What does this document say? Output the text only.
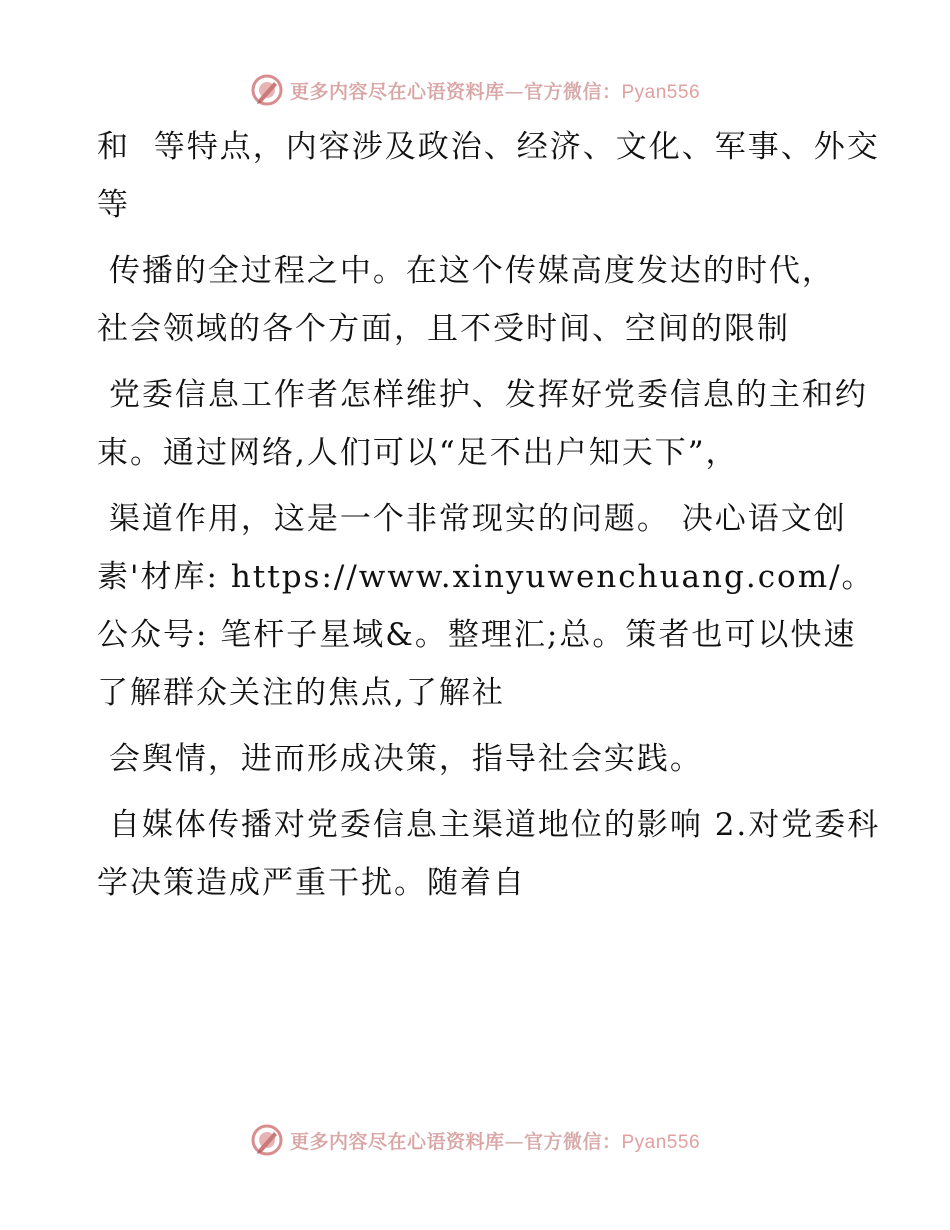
更多内容尽在心语资料库—官方微信：Pyan556

和  等特点，内容涉及政治、经济、文化、军事、外交等

传播的全过程之中。在这个传媒高度发达的时代，  社会领域的各个方面，且不受时间、空间的限制

党委信息工作者怎样维护、发挥好党委信息的主和约束。通过网络,人们可以“足不出户知天下”，

渠道作用，这是一个非常现实的问题。 决心语文创素'材库: https://www.xinyuwenchuang.com/。公众号: 笔杆子星域&。整理汇;总。策者也可以快速了解群众关注的焦点,了解社

会舆情，进而形成决策，指导社会实践。

自媒体传播对党委信息主渠道地位的影响 2.对党委科学决策造成严重干扰。随着自

更多内容尽在心语资料库—官方微信：Pyan556
